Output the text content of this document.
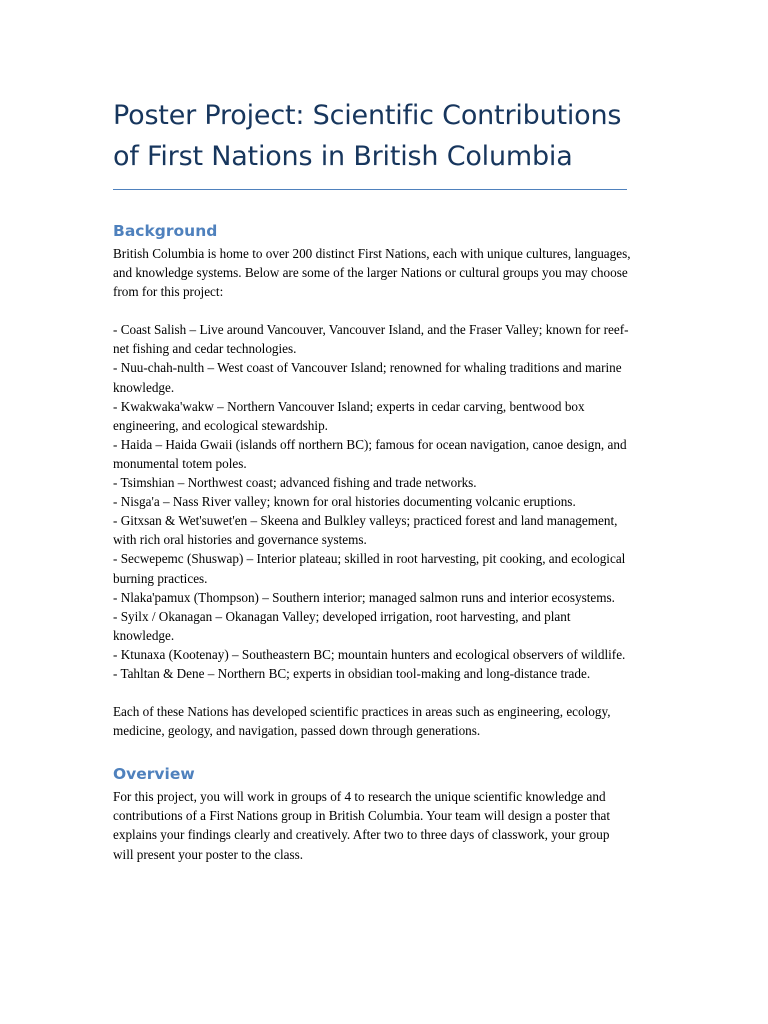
Poster Project: Scientific Contributions of First Nations in British Columbia
Background

British Columbia is home to over 200 distinct First Nations, each with unique cultures, languages, and knowledge systems. Below are some of the larger Nations or cultural groups you may choose from for this project:

- Coast Salish – Live around Vancouver, Vancouver Island, and the Fraser Valley; known for reef-net fishing and cedar technologies.
- Nuu-chah-nulth – West coast of Vancouver Island; renowned for whaling traditions and marine knowledge.
- Kwakwaka'wakw – Northern Vancouver Island; experts in cedar carving, bentwood box engineering, and ecological stewardship.
- Haida – Haida Gwaii (islands off northern BC); famous for ocean navigation, canoe design, and monumental totem poles.
- Tsimshian – Northwest coast; advanced fishing and trade networks.
- Nisga'a – Nass River valley; known for oral histories documenting volcanic eruptions.
- Gitxsan & Wet'suwet'en – Skeena and Bulkley valleys; practiced forest and land management, with rich oral histories and governance systems.
- Secwepemc (Shuswap) – Interior plateau; skilled in root harvesting, pit cooking, and ecological burning practices.
- Nlaka'pamux (Thompson) – Southern interior; managed salmon runs and interior ecosystems.
- Syilx / Okanagan – Okanagan Valley; developed irrigation, root harvesting, and plant knowledge.
- Ktunaxa (Kootenay) – Southeastern BC; mountain hunters and ecological observers of wildlife.
- Tahltan & Dene – Northern BC; experts in obsidian tool-making and long-distance trade.

Each of these Nations has developed scientific practices in areas such as engineering, ecology, medicine, geology, and navigation, passed down through generations.

Overview

For this project, you will work in groups of 4 to research the unique scientific knowledge and contributions of a First Nations group in British Columbia. Your team will design a poster that explains your findings clearly and creatively. After two to three days of classwork, your group will present your poster to the class.
